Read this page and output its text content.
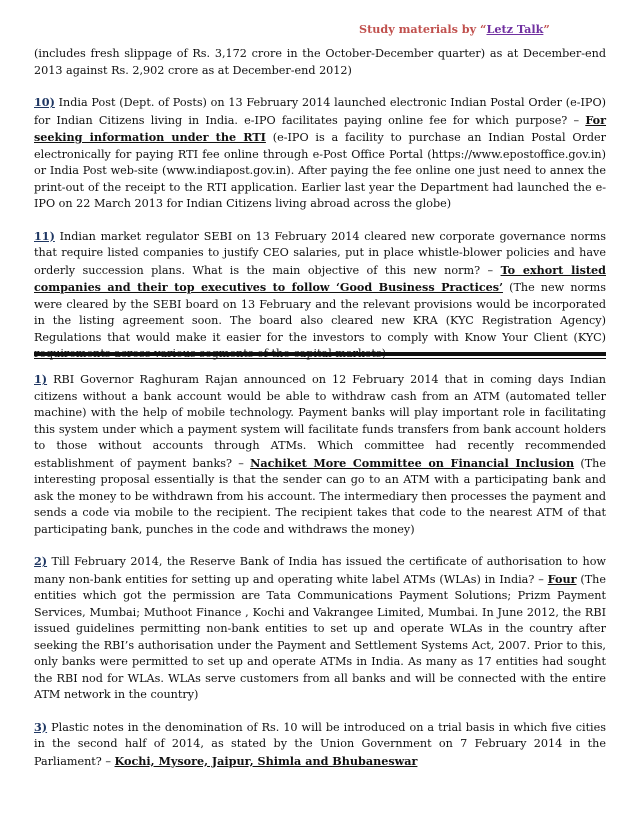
Study materials by “Letz Talk”

(includes fresh slippage of Rs. 3,172 crore in the October-December quarter) as at December-end 2013 against Rs. 2,902 crore as at December-end 2012)

10) India Post (Dept. of Posts) on 13 February 2014 launched electronic Indian Postal Order (e-IPO) for Indian Citizens living in India. e-IPO facilitates paying online fee for which purpose? – For seeking information under the RTI (e-IPO is a facility to purchase an Indian Postal Order electronically for paying RTI fee online through e-Post Office Portal (https://www.epostoffice.gov.in) or India Post web-site (www.indiapost.gov.in). After paying the fee online one just need to annex the print-out of the receipt to the RTI application. Earlier last year the Department had launched the e-IPO on 22 March 2013 for Indian Citizens living abroad across the globe)

11) Indian market regulator SEBI on 13 February 2014 cleared new corporate governance norms that require listed companies to justify CEO salaries, put in place whistle-blower policies and have orderly succession plans. What is the main objective of this new norm? – To exhort listed companies and their top executives to follow ‘Good Business Practices’ (The new norms were cleared by the SEBI board on 13 February and the relevant provisions would be incorporated in the listing agreement soon. The board also cleared new KRA (KYC Registration Agency) Regulations that would make it easier for the investors to comply with Know Your Client (KYC) requirements across various segments of the capital markets)

1) RBI Governor Raghuram Rajan announced on 12 February 2014 that in coming days Indian citizens without a bank account would be able to withdraw cash from an ATM (automated teller machine) with the help of mobile technology. Payment banks will play important role in facilitating this system under which a payment system will facilitate funds transfers from bank account holders to those without accounts through ATMs. Which committee had recently recommended establishment of payment banks? – Nachiket More Committee on Financial Inclusion (The interesting proposal essentially is that the sender can go to an ATM with a participating bank and ask the money to be withdrawn from his account. The intermediary then processes the payment and sends a code via mobile to the recipient. The recipient takes that code to the nearest ATM of that participating bank, punches in the code and withdraws the money)

2) Till February 2014, the Reserve Bank of India has issued the certificate of authorisation to how many non-bank entities for setting up and operating white label ATMs (WLAs) in India? – Four (The entities which got the permission are Tata Communications Payment Solutions; Prizm Payment Services, Mumbai; Muthoot Finance , Kochi and Vakrangee Limited, Mumbai. In June 2012, the RBI issued guidelines permitting non-bank entities to set up and operate WLAs in the country after seeking the RBI’s authorisation under the Payment and Settlement Systems Act, 2007. Prior to this, only banks were permitted to set up and operate ATMs in India. As many as 17 entities had sought the RBI nod for WLAs. WLAs serve customers from all banks and will be connected with the entire ATM network in the country)

3) Plastic notes in the denomination of Rs. 10 will be introduced on a trial basis in which five cities in the second half of 2014, as stated by the Union Government on 7 February 2014 in the Parliament? – Kochi, Mysore, Jaipur, Shimla and Bhubaneswar
